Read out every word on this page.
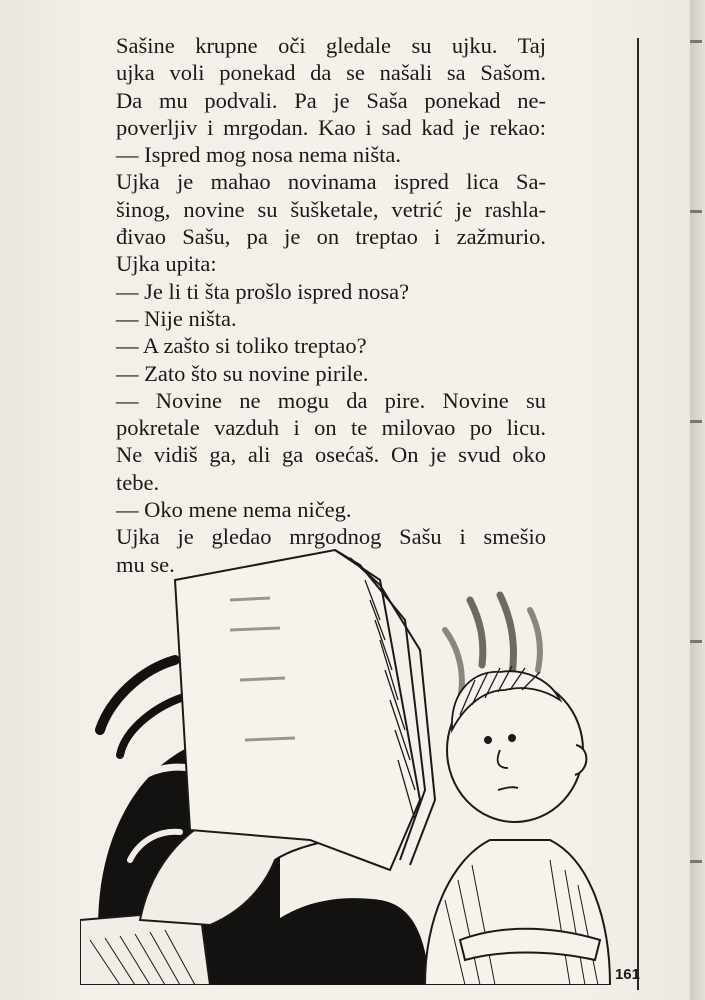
Sašine krupne oči gledale su ujku. Taj
ujka voli ponekad da se našali sa Sašom.
Da mu podvali. Pa je Saša ponekad ne-
poverljiv i mrgodan. Kao i sad kad je rekao:
— Ispred mog nosa nema ništa.
Ujka je mahao novinama ispred lica Sa-
šinog, novine su šušketale, vetrić je rashla-
đivao Sašu, pa je on treptao i zažmurio.
Ujka upita:
— Je li ti šta prošlo ispred nosa?
— Nije ništa.
— A zašto si toliko treptao?
— Zato što su novine pirile.
— Novine ne mogu da pire. Novine su
pokretale vazduh i on te milovao po licu.
Ne vidiš ga, ali ga osećaš. On je svud oko
tebe.
— Oko mene nema ničeg.
Ujka je gledao mrgodnog Sašu i smešio
mu se.
161
